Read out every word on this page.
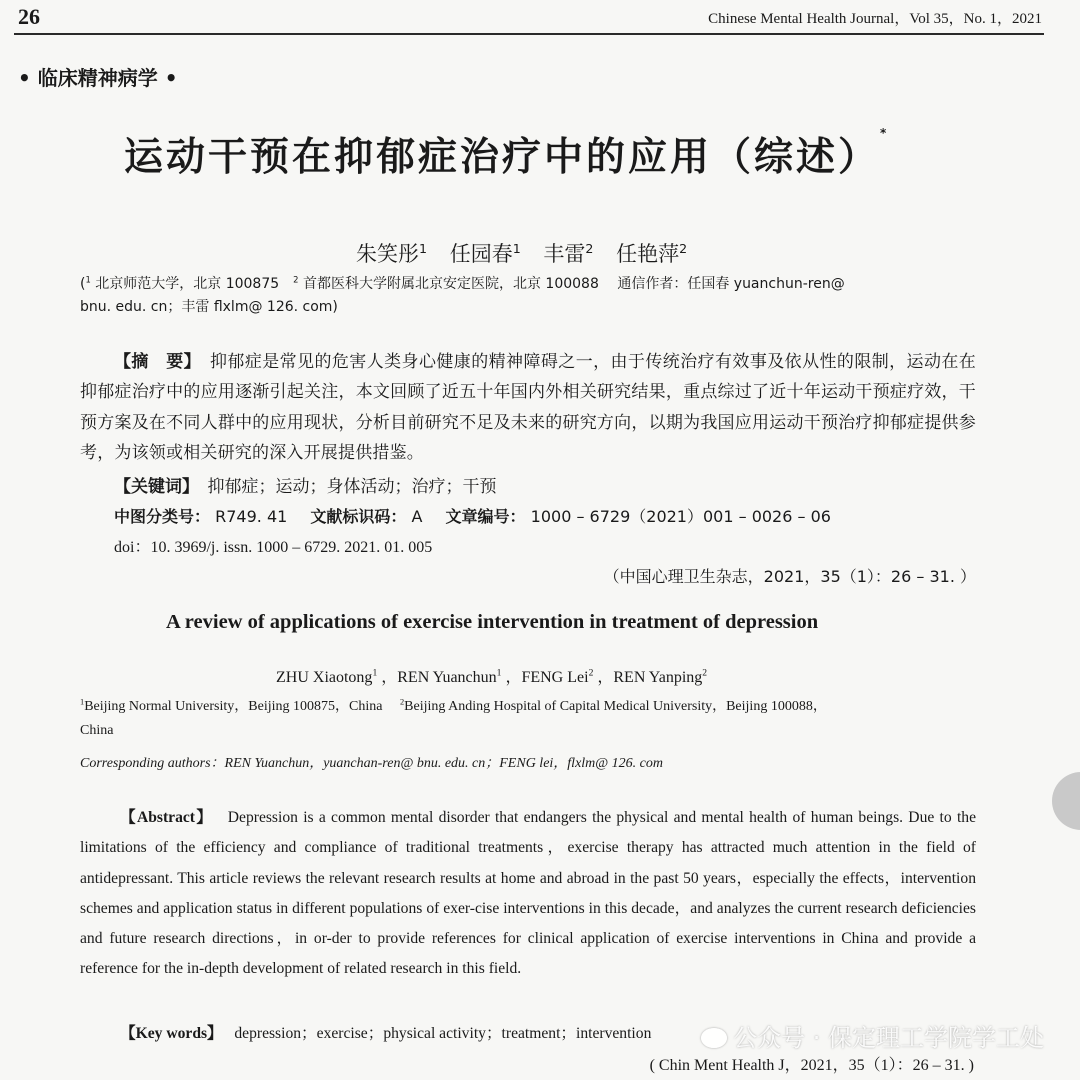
26	Chinese Mental Health Journal，Vol 35，No. 1，2021
• 临床精神病学 •
运动干预在抑郁症治疗中的应用（综述）*
朱笑彤$^1$ 任园春$^1$ 丰雷$^2$ 任艳萍$^2$
($^1$ 北京师范大学，北京 100875　 $^2$ 首都医科大学附属北京安定医院，北京 100088　 通信作者：任国春 yuanchun-ren@
bnu. edu. cn；丰雷 flxlm@ 126. com)
【摘　要】　 抑郁症是常见的危害人类身心健康的精神障碍之一，由于传统治疗有效事及依从性的限制，运动在在抑郁症治疗中的应用逐渐引起关注，本文回顾了近五十年国内外相关研究结果，重点综过了近十年运动干预症疗效，干预方案及在不同人群中的应用现状，分析目前研究不足及未来的研究方向，以期为我国应用运动干预治疗抑郁症提供参考，为该领或相关研究的深入开展提供措鉴。
【关键词】　 抑郁症；运动；身体活动；治疗；干预
中图分类号： R749. 41 文献标识码： A 文章编号： 1000 – 6729（2021）001 – 0026 – 06
doi：10. 3969/j. issn. 1000 – 6729. 2021. 01. 005
（中国心理卫生杂志，2021，35（1）：26 – 31. ）
A review of applications of exercise intervention in treatment of depression
ZHU Xiaotong$^1$ ，REN Yuanchun$^1$ ，FENG Lei$^2$ ，REN Yanping$^2$
$^1$Beijing Normal University，Beijing 100875，China　 $^2$Beijing Anding Hospital of Capital Medical University，Beijing 100088，
China
Corresponding authors：REN Yuanchun，yuanchan-ren@ bnu. edu. cn；FENG lei，flxlm@ 126. com
【Abstract】　 Depression is a common mental disorder that endangers the physical and mental health of human beings. Due to the limitations of the efficiency and compliance of traditional treatments，exercise therapy has attracted much attention in the field of antidepressant. This article reviews the relevant research results at home and abroad in the past 50 years，especially the effects，intervention schemes and application status in different populations of exer-cise interventions in this decade，and analyzes the current research deficiencies and future research directions，in or-der to provide references for clinical application of exercise interventions in China and provide a reference for the in-depth development of related research in this field.
【Key words】　 depression；exercise；physical activity；treatment；intervention
( Chin Ment Health J，2021，35（1）：26 – 31. )
公众号 · 保定理工学院学工处
